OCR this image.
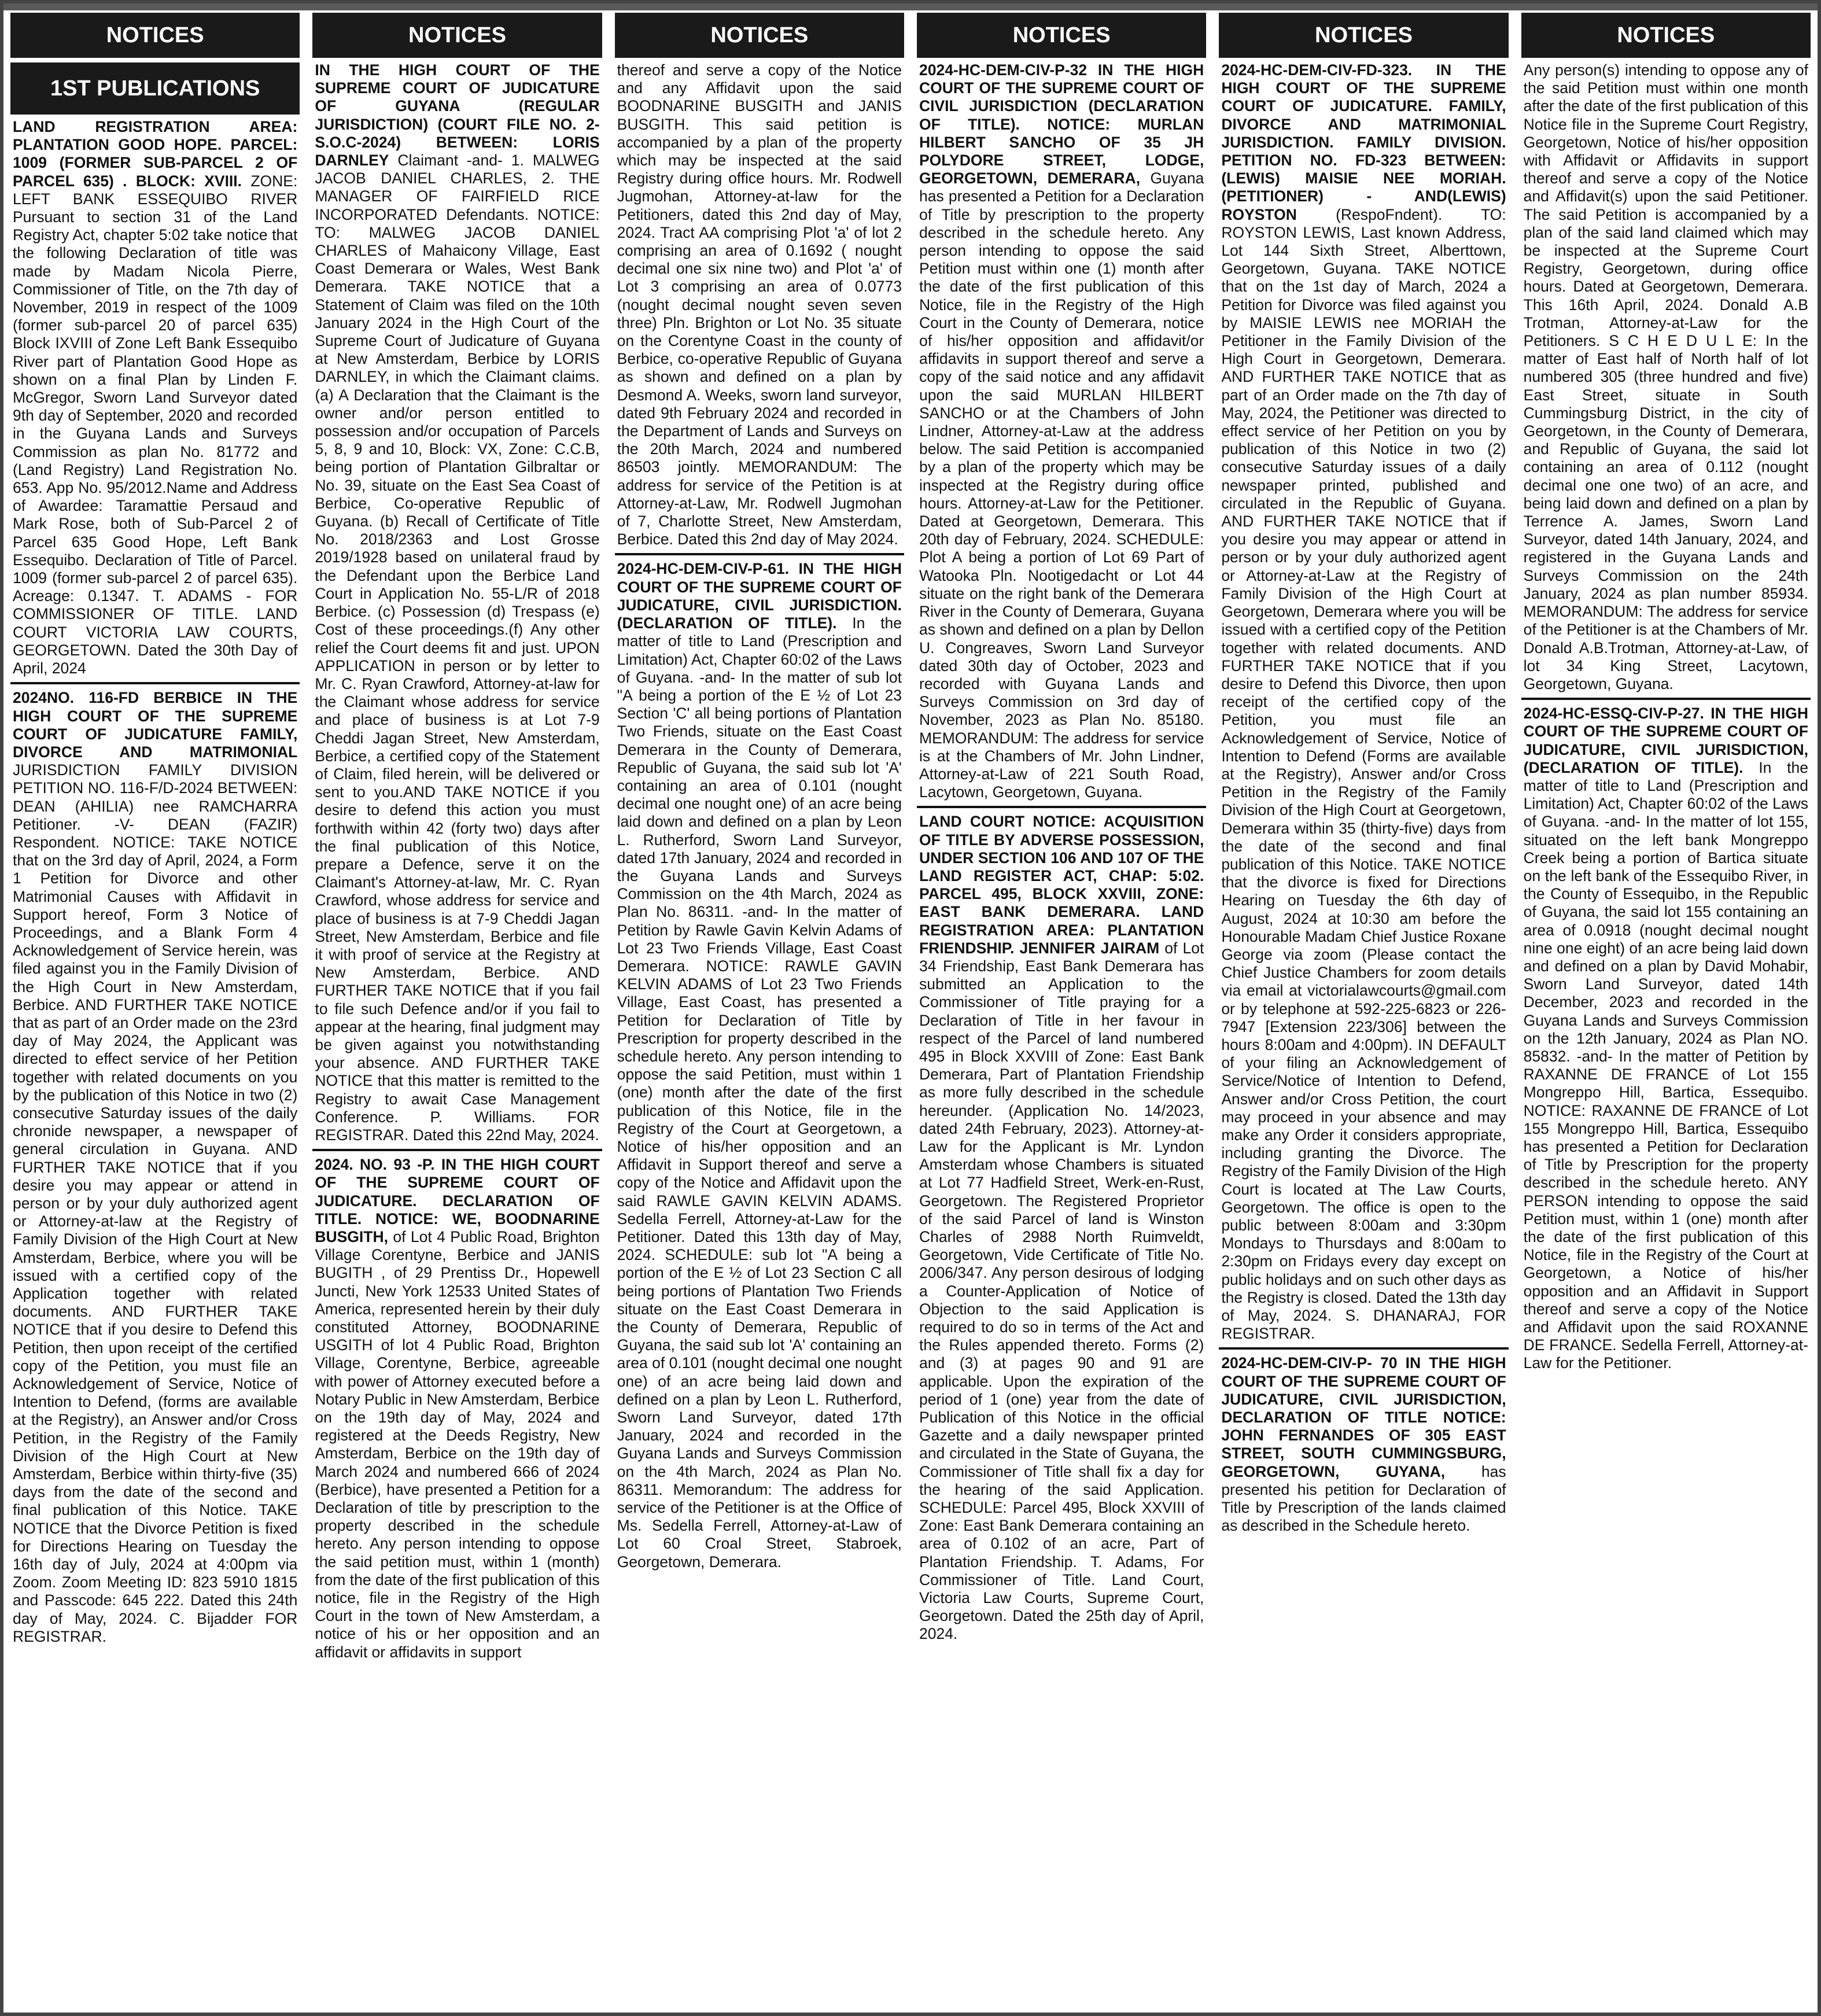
NOTICES
1ST PUBLICATIONS

LAND REGISTRATION AREA: PLANTATION GOOD HOPE. PARCEL: 1009 (FORMER SUB-PARCEL 2 OF PARCEL 635) . BLOCK: XVIII. ZONE: LEFT BANK ESSEQUIBO RIVER Pursuant to section 31 of the Land Registry Act, chapter 5:02 take notice that the following Declaration of title was made by Madam Nicola Pierre, Commissioner of Title, on the 7th day of November, 2019 in respect of the 1009 (former sub-parcel 20 of parcel 635) Block IXVIII of Zone Left Bank Essequibo River part of Plantation Good Hope as shown on a final Plan by Linden F. McGregor, Sworn Land Surveyor dated 9th day of September, 2020 and recorded in the Guyana Lands and Surveys Commission as plan No. 81772 and (Land Registry) Land Registration No. 653. App No. 95/2012.Name and Address of Awardee: Taramattie Persaud and Mark Rose, both of Sub-Parcel 2 of Parcel 635 Good Hope, Left Bank Essequibo. Declaration of Title of Parcel. 1009 (former sub-parcel 2 of parcel 635). Acreage: 0.1347. T. ADAMS - FOR COMMISSIONER OF TITLE. LAND COURT VICTORIA LAW COURTS, GEORGETOWN. Dated the 30th Day of April, 2024

2024NO. 116-FD BERBICE IN THE HIGH COURT OF THE SUPREME COURT OF JUDICATURE FAMILY, DIVORCE AND MATRIMONIAL JURISDICTION FAMILY DIVISION PETITION NO. 116-F/D-2024 BETWEEN: DEAN (AHILIA) nee RAMCHARRA Petitioner. -V- DEAN (FAZIR) Respondent. NOTICE: TAKE NOTICE that on the 3rd day of April, 2024, a Form 1 Petition for Divorce and other Matrimonial Causes with Affidavit in Support hereof, Form 3 Notice of Proceedings, and a Blank Form 4 Acknowledgement of Service herein, was filed against you in the Family Division of the High Court in New Amsterdam, Berbice. AND FURTHER TAKE NOTICE that as part of an Order made on the 23rd day of May 2024, the Applicant was directed to effect service of her Petition together with related documents on you by the publication of this Notice in two (2) consecutive Saturday issues of the daily chronide newspaper, a newspaper of general circulation in Guyana. AND FURTHER TAKE NOTICE that if you desire you may appear or attend in person or by your duly authorized agent or Attorney-at-law at the Registry of Family Division of the High Court at New Amsterdam, Berbice, where you will be issued with a certified copy of the Application together with related documents. AND FURTHER TAKE NOTICE that if you desire to Defend this Petition, then upon receipt of the certified copy of the Petition, you must file an Acknowledgement of Service, Notice of Intention to Defend, (forms are available at the Registry), an Answer and/or Cross Petition, in the Registry of the Family Division of the High Court at New Amsterdam, Berbice within thirty-five (35) days from the date of the second and final publication of this Notice. TAKE NOTICE that the Divorce Petition is fixed for Directions Hearing on Tuesday the 16th day of July, 2024 at 4:00pm via Zoom. Zoom Meeting ID: 823 5910 1815 and Passcode: 645 222. Dated this 24th day of May, 2024. C. Bijadder FOR REGISTRAR.

NOTICES

IN THE HIGH COURT OF THE SUPREME COURT OF JUDICATURE OF GUYANA (REGULAR JURISDICTION) (COURT FILE NO. 2-S.O.C-2024) BETWEEN: LORIS DARNLEY Claimant -and- 1. MALWEG JACOB DANIEL CHARLES, 2. THE MANAGER OF FAIRFIELD RICE INCORPORATED Defendants. NOTICE: TO: MALWEG JACOB DANIEL CHARLES of Mahaicony Village, East Coast Demerara or Wales, West Bank Demerara. TAKE NOTICE that a Statement of Claim was filed on the 10th January 2024 in the High Court of the Supreme Court of Judicature of Guyana at New Amsterdam, Berbice by LORIS DARNLEY, in which the Claimant claims. (a) A Declaration that the Claimant is the owner and/or person entitled to possession and/or occupation of Parcels 5, 8, 9 and 10, Block: VX, Zone: C.C.B, being portion of Plantation Gilbraltar or No. 39, situate on the East Sea Coast of Berbice, Co-operative Republic of Guyana. (b) Recall of Certificate of Title No. 2018/2363 and Lost Grosse 2019/1928 based on unilateral fraud by the Defendant upon the Berbice Land Court in Application No. 55-L/R of 2018 Berbice. (c) Possession (d) Trespass (e) Cost of these proceedings.(f) Any other relief the Court deems fit and just. UPON APPLICATION in person or by letter to Mr. C. Ryan Crawford, Attorney-at-law for the Claimant whose address for service and place of business is at Lot 7-9 Cheddi Jagan Street, New Amsterdam, Berbice, a certified copy of the Statement of Claim, filed herein, will be delivered or sent to you.AND TAKE NOTICE if you desire to defend this action you must forthwith within 42 (forty two) days after the final publication of this Notice, prepare a Defence, serve it on the Claimant's Attorney-at-law, Mr. C. Ryan Crawford, whose address for service and place of business is at 7-9 Cheddi Jagan Street, New Amsterdam, Berbice and file it with proof of service at the Registry at New Amsterdam, Berbice. AND FURTHER TAKE NOTICE that if you fail to file such Defence and/or if you fail to appear at the hearing, final judgment may be given against you notwithstanding your absence. AND FURTHER TAKE NOTICE that this matter is remitted to the Registry to await Case Management Conference. P. Williams. FOR REGISTRAR. Dated this 22nd May, 2024.

2024. NO. 93 -P. IN THE HIGH COURT OF THE SUPREME COURT OF JUDICATURE. DECLARATION OF TITLE. NOTICE: WE, BOODNARINE BUSGITH, of Lot 4 Public Road, Brighton Village Corentyne, Berbice and JANIS BUGITH , of 29 Prentiss Dr., Hopewell Juncti, New York 12533 United States of America, represented herein by their duly constituted Attorney, BOODNARINE USGITH of lot 4 Public Road, Brighton Village, Corentyne, Berbice, agreeable with power of Attorney executed before a Notary Public in New Amsterdam, Berbice on the 19th day of May, 2024 and registered at the Deeds Registry, New Amsterdam, Berbice on the 19th day of March 2024 and numbered 666 of 2024 (Berbice), have presented a Petition for a Declaration of title by prescription to the property described in the schedule hereto. Any person intending to oppose the said petition must, within 1 (month) from the date of the first publication of this notice, file in the Registry of the High Court in the town of New Amsterdam, a notice of his or her opposition and an affidavit or affidavits in support

NOTICES

thereof and serve a copy of the Notice and any Affidavit upon the said BOODNARINE BUSGITH and JANIS BUSGITH. This said petition is accompanied by a plan of the property which may be inspected at the said Registry during office hours. Mr. Rodwell Jugmohan, Attorney-at-law for the Petitioners, dated this 2nd day of May, 2024. Tract AA comprising Plot 'a' of lot 2 comprising an area of 0.1692 ( nought decimal one six nine two) and Plot 'a' of Lot 3 comprising an area of 0.0773 (nought decimal nought seven seven three) Pln. Brighton or Lot No. 35 situate on the Corentyne Coast in the county of Berbice, co-operative Republic of Guyana as shown and defined on a plan by Desmond A. Weeks, sworn land surveyor, dated 9th February 2024 and recorded in the Department of Lands and Surveys on the 20th March, 2024 and numbered 86503 jointly. MEMORANDUM: The address for service of the Petition is at Attorney-at-Law, Mr. Rodwell Jugmohan of 7, Charlotte Street, New Amsterdam, Berbice. Dated this 2nd day of May 2024.

2024-HC-DEM-CIV-P-61. IN THE HIGH COURT OF THE SUPREME COURT OF JUDICATURE, CIVIL JURISDICTION. (DECLARATION OF TITLE). In the matter of title to Land (Prescription and Limitation) Act, Chapter 60:02 of the Laws of Guyana. -and- In the matter of sub lot "A being a portion of the E ½ of Lot 23 Section 'C' all being portions of Plantation Two Friends, situate on the East Coast Demerara in the County of Demerara, Republic of Guyana, the said sub lot 'A' containing an area of 0.101 (nought decimal one nought one) of an acre being laid down and defined on a plan by Leon L. Rutherford, Sworn Land Surveyor, dated 17th January, 2024 and recorded in the Guyana Lands and Surveys Commission on the 4th March, 2024 as Plan No. 86311. -and- In the matter of Petition by Rawle Gavin Kelvin Adams of Lot 23 Two Friends Village, East Coast Demerara. NOTICE: RAWLE GAVIN KELVIN ADAMS of Lot 23 Two Friends Village, East Coast, has presented a Petition for Declaration of Title by Prescription for property described in the schedule hereto. Any person intending to oppose the said Petition, must within 1 (one) month after the date of the first publication of this Notice, file in the Registry of the Court at Georgetown, a Notice of his/her opposition and an Affidavit in Support thereof and serve a copy of the Notice and Affidavit upon the said RAWLE GAVIN KELVIN ADAMS. Sedella Ferrell, Attorney-at-Law for the Petitioner. Dated this 13th day of May, 2024. SCHEDULE: sub lot "A being a portion of the E ½ of Lot 23 Section C all being portions of Plantation Two Friends situate on the East Coast Demerara in the County of Demerara, Republic of Guyana, the said sub lot 'A' containing an area of 0.101 (nought decimal one nought one) of an acre being laid down and defined on a plan by Leon L. Rutherford, Sworn Land Surveyor, dated 17th January, 2024 and recorded in the Guyana Lands and Surveys Commission on the 4th March, 2024 as Plan No. 86311. Memorandum: The address for service of the Petitioner is at the Office of Ms. Sedella Ferrell, Attorney-at-Law of Lot 60 Croal Street, Stabroek, Georgetown, Demerara.

NOTICES

2024-HC-DEM-CIV-P-32 IN THE HIGH COURT OF THE SUPREME COURT OF CIVIL JURISDICTION (DECLARATION OF TITLE). NOTICE: MURLAN HILBERT SANCHO OF 35 JH POLYDORE STREET, LODGE, GEORGETOWN, DEMERARA, Guyana has presented a Petition for a Declaration of Title by prescription to the property described in the schedule hereto. Any person intending to oppose the said Petition must within one (1) month after the date of the first publication of this Notice, file in the Registry of the High Court in the County of Demerara, notice of his/her opposition and affidavit/or affidavits in support thereof and serve a copy of the said notice and any affidavit upon the said MURLAN HILBERT SANCHO or at the Chambers of John Lindner, Attorney-at-Law at the address below. The said Petition is accompanied by a plan of the property which may be inspected at the Registry during office hours. Attorney-at-Law for the Petitioner. Dated at Georgetown, Demerara. This 20th day of February, 2024. SCHEDULE: Plot A being a portion of Lot 69 Part of Watooka Pln. Nootigedacht or Lot 44 situate on the right bank of the Demerara River in the County of Demerara, Guyana as shown and defined on a plan by Dellon U. Congreaves, Sworn Land Surveyor dated 30th day of October, 2023 and recorded with Guyana Lands and Surveys Commission on 3rd day of November, 2023 as Plan No. 85180. MEMORANDUM: The address for service is at the Chambers of Mr. John Lindner, Attorney-at-Law of 221 South Road, Lacytown, Georgetown, Guyana.

LAND COURT NOTICE: ACQUISITION OF TITLE BY ADVERSE POSSESSION, UNDER SECTION 106 AND 107 OF THE LAND REGISTER ACT, CHAP: 5:02. PARCEL 495, BLOCK XXVIII, ZONE: EAST BANK DEMERARA. LAND REGISTRATION AREA: PLANTATION FRIENDSHIP. JENNIFER JAIRAM of Lot 34 Friendship, East Bank Demerara has submitted an Application to the Commissioner of Title praying for a Declaration of Title in her favour in respect of the Parcel of land numbered 495 in Block XXVIII of Zone: East Bank Demerara, Part of Plantation Friendship as more fully described in the schedule hereunder. (Application No. 14/2023, dated 24th February, 2023). Attorney-at-Law for the Applicant is Mr. Lyndon Amsterdam whose Chambers is situated at Lot 77 Hadfield Street, Werk-en-Rust, Georgetown. The Registered Proprietor of the said Parcel of land is Winston Charles of 2988 North Ruimveldt, Georgetown, Vide Certificate of Title No. 2006/347. Any person desirous of lodging a Counter-Application of Notice of Objection to the said Application is required to do so in terms of the Act and the Rules appended thereto. Forms (2) and (3) at pages 90 and 91 are applicable. Upon the expiration of the period of 1 (one) year from the date of Publication of this Notice in the official Gazette and a daily newspaper printed and circulated in the State of Guyana, the Commissioner of Title shall fix a day for the hearing of the said Application. SCHEDULE: Parcel 495, Block XXVIII of Zone: East Bank Demerara containing an area of 0.102 of an acre, Part of Plantation Friendship. T. Adams, For Commissioner of Title. Land Court, Victoria Law Courts, Supreme Court, Georgetown. Dated the 25th day of April, 2024.

NOTICES

2024-HC-DEM-CIV-FD-323. IN THE HIGH COURT OF THE SUPREME COURT OF JUDICATURE. FAMILY, DIVORCE AND MATRIMONIAL JURISDICTION. FAMILY DIVISION. PETITION NO. FD-323 BETWEEN: (LEWIS) MAISIE NEE MORIAH. (PETITIONER) - AND(LEWIS) ROYSTON (RespoFndent). TO: ROYSTON LEWIS, Last known Address, Lot 144 Sixth Street, Alberttown, Georgetown, Guyana. TAKE NOTICE that on the 1st day of March, 2024 a Petition for Divorce was filed against you by MAISIE LEWIS nee MORIAH the Petitioner in the Family Division of the High Court in Georgetown, Demerara. AND FURTHER TAKE NOTICE that as part of an Order made on the 7th day of May, 2024, the Petitioner was directed to effect service of her Petition on you by publication of this Notice in two (2) consecutive Saturday issues of a daily newspaper printed, published and circulated in the Republic of Guyana. AND FURTHER TAKE NOTICE that if you desire you may appear or attend in person or by your duly authorized agent or Attorney-at-Law at the Registry of Family Division of the High Court at Georgetown, Demerara where you will be issued with a certified copy of the Petition together with related documents. AND FURTHER TAKE NOTICE that if you desire to Defend this Divorce, then upon receipt of the certified copy of the Petition, you must file an Acknowledgement of Service, Notice of Intention to Defend (Forms are available at the Registry), Answer and/or Cross Petition in the Registry of the Family Division of the High Court at Georgetown, Demerara within 35 (thirty-five) days from the date of the second and final publication of this Notice. TAKE NOTICE that the divorce is fixed for Directions Hearing on Tuesday the 6th day of August, 2024 at 10:30 am before the Honourable Madam Chief Justice Roxane George via zoom (Please contact the Chief Justice Chambers for zoom details via email at victorialawcourts@gmail.com or by telephone at 592-225-6823 or 226-7947 [Extension 223/306] between the hours 8:00am and 4:00pm). IN DEFAULT of your filing an Acknowledgement of Service/Notice of Intention to Defend, Answer and/or Cross Petition, the court may proceed in your absence and may make any Order it considers appropriate, including granting the Divorce. The Registry of the Family Division of the High Court is located at The Law Courts, Georgetown. The office is open to the public between 8:00am and 3:30pm Mondays to Thursdays and 8:00am to 2:30pm on Fridays every day except on public holidays and on such other days as the Registry is closed. Dated the 13th day of May, 2024. S. DHANARAJ, FOR REGISTRAR.

2024-HC-DEM-CIV-P- 70 IN THE HIGH COURT OF THE SUPREME COURT OF JUDICATURE, CIVIL JURISDICTION, DECLARATION OF TITLE NOTICE: JOHN FERNANDES OF 305 EAST STREET, SOUTH CUMMINGSBURG, GEORGETOWN, GUYANA, has presented his petition for Declaration of Title by Prescription of the lands claimed as described in the Schedule hereto.

NOTICES

Any person(s) intending to oppose any of the said Petition must within one month after the date of the first publication of this Notice file in the Supreme Court Registry, Georgetown, Notice of his/her opposition with Affidavit or Affidavits in support thereof and serve a copy of the Notice and Affidavit(s) upon the said Petitioner. The said Petition is accompanied by a plan of the said land claimed which may be inspected at the Supreme Court Registry, Georgetown, during office hours. Dated at Georgetown, Demerara. This 16th April, 2024. Donald A.B Trotman, Attorney-at-Law for the Petitioners. S C H E D U L E: In the matter of East half of North half of lot numbered 305 (three hundred and five) East Street, situate in South Cummingsburg District, in the city of Georgetown, in the County of Demerara, and Republic of Guyana, the said lot containing an area of 0.112 (nought decimal one one two) of an acre, and being laid down and defined on a plan by Terrence A. James, Sworn Land Surveyor, dated 14th January, 2024, and registered in the Guyana Lands and Surveys Commission on the 24th January, 2024 as plan number 85934. MEMORANDUM: The address for service of the Petitioner is at the Chambers of Mr. Donald A.B.Trotman, Attorney-at-Law, of lot 34 King Street, Lacytown, Georgetown, Guyana.

2024-HC-ESSQ-CIV-P-27. IN THE HIGH COURT OF THE SUPREME COURT OF JUDICATURE, CIVIL JURISDICTION, (DECLARATION OF TITLE). In the matter of title to Land (Prescription and Limitation) Act, Chapter 60:02 of the Laws of Guyana. -and- In the matter of lot 155, situated on the left bank Mongreppo Creek being a portion of Bartica situate on the left bank of the Essequibo River, in the County of Essequibo, in the Republic of Guyana, the said lot 155 containing an area of 0.0918 (nought decimal nought nine one eight) of an acre being laid down and defined on a plan by David Mohabir, Sworn Land Surveyor, dated 14th December, 2023 and recorded in the Guyana Lands and Surveys Commission on the 12th January, 2024 as Plan NO. 85832. -and- In the matter of Petition by RAXANNE DE FRANCE of Lot 155 Mongreppo Hill, Bartica, Essequibo. NOTICE: RAXANNE DE FRANCE of Lot 155 Mongreppo Hill, Bartica, Essequibo has presented a Petition for Declaration of Title by Prescription for the property described in the schedule hereto. ANY PERSON intending to oppose the said Petition must, within 1 (one) month after the date of the first publication of this Notice, file in the Registry of the Court at Georgetown, a Notice of his/her opposition and an Affidavit in Support thereof and serve a copy of the Notice and Affidavit upon the said ROXANNE DE FRANCE. Sedella Ferrell, Attorney-at-Law for the Petitioner.
